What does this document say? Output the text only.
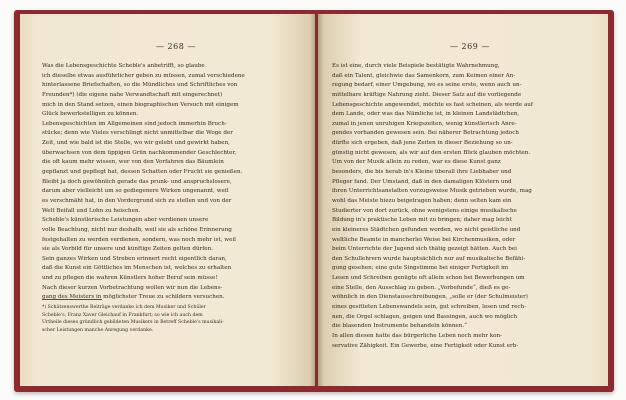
— 268 —
Was die Lebensgeschichte Scheble's anbetrifft, so glaube
ich dieselbe etwas ausführlicher geben zu müssen, zumal verschiedene
hinterlassene Briefschaften, so die Mündliches und Schriftliches von
Freunden*) (die eigene nahe Verwandtschaft mit eingerechnet)
mich in den Stand setzen, einen biographischen Versuch mit einigem
Glück bewerkstelligen zu können.
Lebensgeschichten im Allgemeinen sind jedoch immerhin Bruch-
stücke; denn wie Vieles verschlingt nicht unmittelbar die Woge der
Zeit, und wie bald ist die Stelle, wo wir gelebt und gewirkt haben,
überwachsen von dem üppigen Grün nachkommender Geschlechter,
die oft kaum mehr wissen, wer von den Vorfahren das Bäumlein
gepflanzt und gepflegt hat, dessen Schatten oder Frucht sie genießen.
Bleibt ja doch gewöhnlich gerade das prunk- und anspruchslosere,
darum aber vielleicht um so gediegenere Wirken ungenannt, weil
es verschmäht hat, in den Vordergrund sich zu stellen und von der
Welt Beifall und Lohn zu heischen.
Scheble's künstlerische Leistungen aber verdienen unsere
volle Beachtung, nicht nur deshalb, weil sie als schöne Erinnerung
festgehalten zu werden verdienen, sondern, was noch mehr ist, weil
sie als Vorbild für unsere und künftige Zeiten gelten dürfen.
Sein ganzes Wirken und Streben erinnert recht eigentlich daran,
daß die Kunst ein Göttliches im Menschen ist, welches zu erhalten
und zu pflegen die wahren Künstlers hoher Beruf sein müsse!
Nach dieser kurzen Vorbetrachtung wollen wir nun die Lebens-
gang des Meisters in möglichster Treue zu schildern versuchen.
*) Schätzenswerthe Beiträge verdanke ich dem Musiker und Schüler
Scheble's, Franz Xaver Gleichauf in Frankfurt; so wie ich auch dem
Urtheile dieses gründlich gebildeten Musikers in Betreff Scheble's musikali-
scher Leistungen manche Anregung verdanke.
— 269 —
Es ist eine, durch viele Beispiele bestätigte Wahrnehmung,
daß ein Talent, gleichwie das Samenkorn, zum Keimen einer An-
regung bedarf, einer Umgebung, wo es seine erste, wenn auch un-
mittelbare kräftige Nahrung zieht. Dieser Satz auf die vorliegende
Lebensgeschichte angewendet, möchte es fast scheinen, als werde auf
dem Lande, oder was das Nämliche ist, in kleinen Landstädtchen,
zumal in jenen unruhigen Kriegszeiten, wenig künstlerisch Anre-
gendes vorhanden gewesen sein. Bei näherer Betrachtung jedoch
dürfte sich ergeben, daß jene Zeiten in dieser Beziehung so un-
günstig nicht gewesen, als wir auf den ersten Blick glauben möchten.
Um von der Musik allein zu reden, war es diese Kunst ganz
besonders, die bis herab in's Kleine überall ihre Liebhaber und
Pfleger fand. Der Umstand, daß in den damaligen Klöstern und
ihren Unterrichtsanstalten vorzugsweise Musik getrieben wurde, mag
wohl das Meiste hiezu beigetragen haben; denn selten kam ein
Studierter von dort zurück, ohne wenigstens einige musikalische
Bildung in's praktische Leben mit zu bringen; daher mag leicht
ein kleineres Städtchen gefunden worden, wo nicht geistliche und
weltliche Beamte in mancherlei Weise bei Kirchenmusiken, oder
beim Unterrichte der Jugend sich thätig gezeigt hätten. Auch bei
den Schullehrern wurde hauptsächlich nur auf musikalische Befähi-
gung gesehen; eine gute Singstimme bei einiger Fertigkeit im
Lesen und Schreiben genügte oft allein schon bei Bewerbungen um
eine Stelle, den Ausschlag zu geben. „Vorbefunde“, dieß es ge-
wöhnlich in den Dienstausschreibungen, „solle er (der Schulmeister)
eines gesitteten Lebenswandels sein, gut schreiben, lesen und rech-
nen, die Orgel schlagen, geigen und Bassingen, auch wo möglich
die blasenden Instrumente behandeln können.“
In allen diesen hatte das bürgerliche Leben noch mehr kon-
servative Zähigkeit. Ein Gewerbe, eine Fertigkeit oder Kunst erb-
